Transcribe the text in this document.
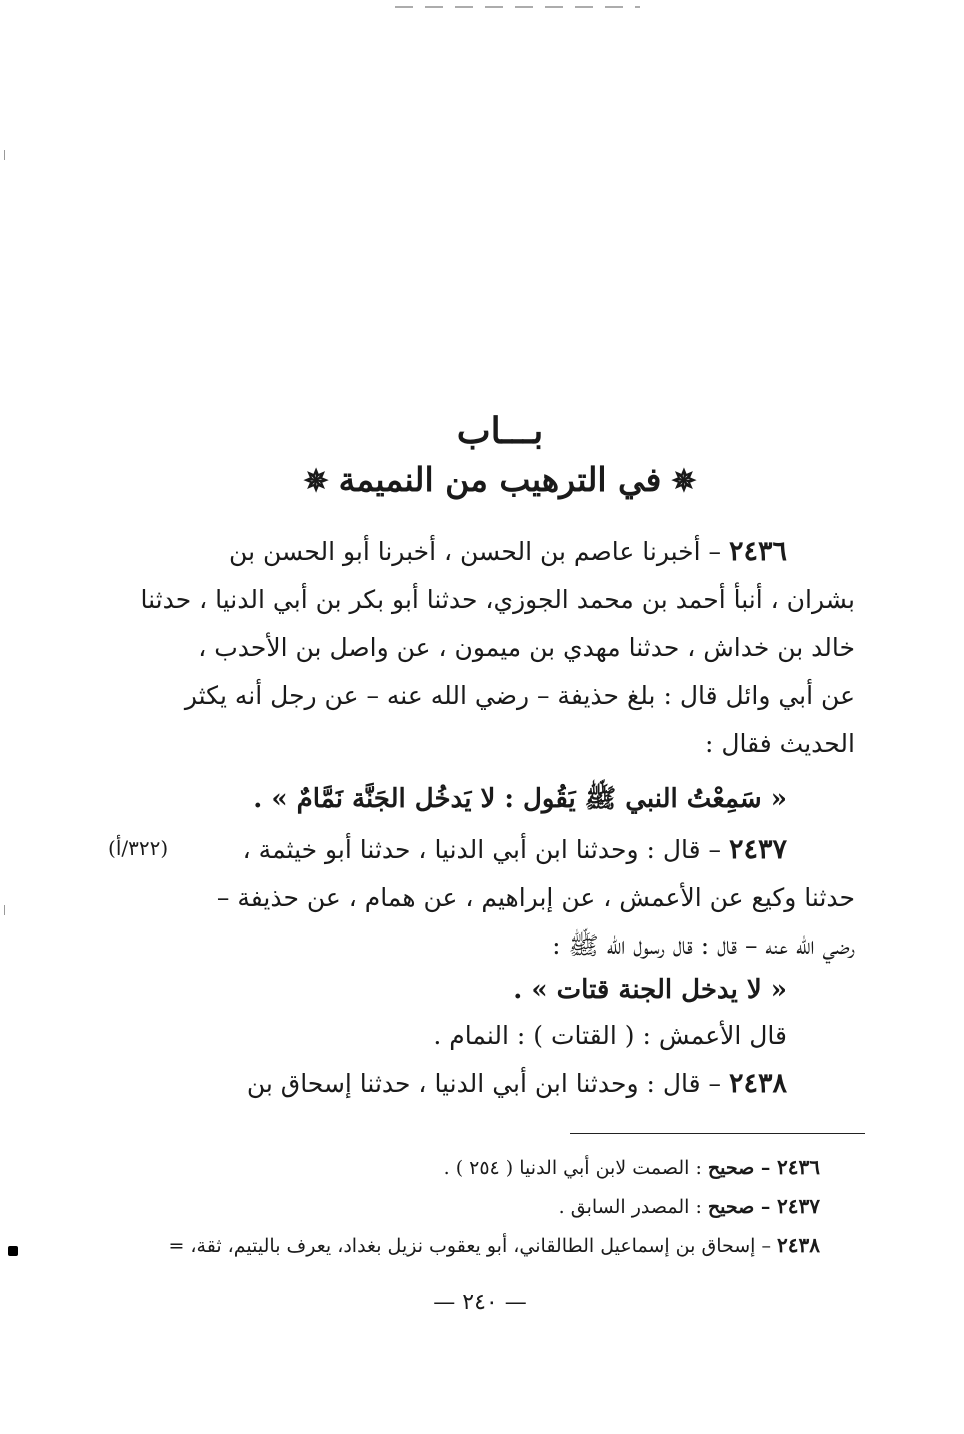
بـــاب
✵ في الترهيب من النميمة ✵
٢٤٣٦ – أخبرنا عاصم بن الحسن ، أخبرنا أبو الحسن بن
بشران ، أنبأ أحمد بن محمد الجوزي، حدثنا أبو بكر بن أبي الدنيا ، حدثنا
خالد بن خداش ، حدثنا مهدي بن ميمون ، عن واصل بن الأحدب ،
عن أبي وائل قال : بلغ حذيفة – رضي الله عنه – عن رجل أنه يكثر
الحديث فقال :
« سَمِعْتُ النبي ﷺ يَقُول : لا يَدخُل الجَنَّة نَمَّامٌ » .
٢٤٣٧ – قال : وحدثنا ابن أبي الدنيا ، حدثنا أبو خيثمة ،
حدثنا وكيع عن الأعمش ، عن إبراهيم ، عن همام ، عن حذيفة –
رضي الله عنه – قال : قال رسول الله ﷺ :
(٣٢٢/أ)
« لا يدخل الجنة قتات » .
قال الأعمش : ( القتات ) : النمام .
٢٤٣٨ – قال : وحدثنا ابن أبي الدنيا ، حدثنا إسحاق بن
٢٤٣٦ – صحيح : الصمت لابن أبي الدنيا ( ٢٥٤ ) .
٢٤٣٧ – صحيح : المصدر السابق .
٢٤٣٨ – إسحاق بن إسماعيل الطالقاني، أبو يعقوب نزيل بغداد، يعرف باليتيم، ثقة، =
— ٢٤٠ —
